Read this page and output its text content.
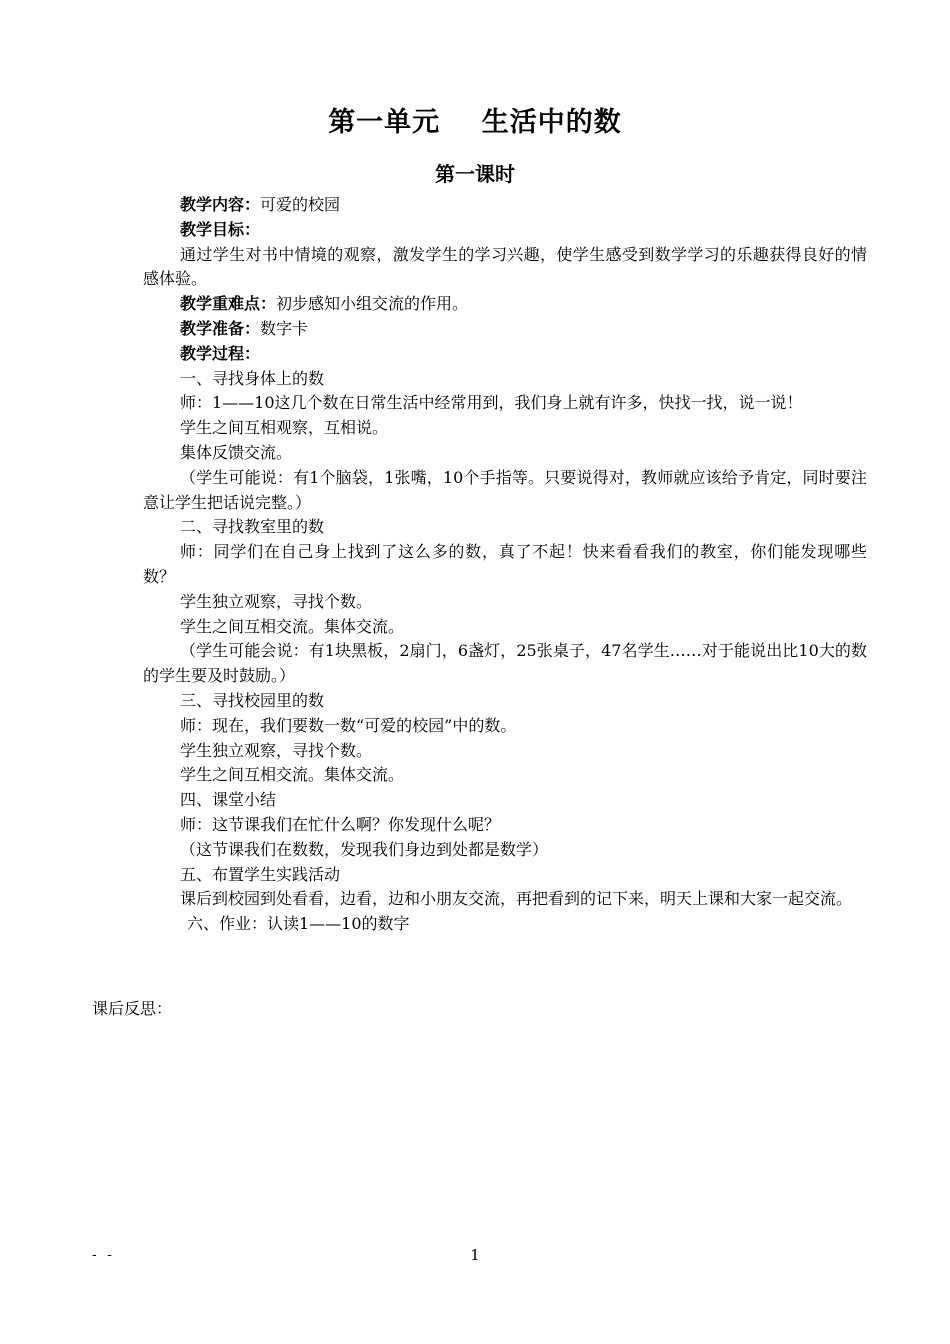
第一单元    生活中的数
第一课时

教学内容：可爱的校园

教学目标：

通过学生对书中情境的观察，激发学生的学习兴趣，使学生感受到数学学习的乐趣获得良好的情感体验。

教学重难点：初步感知小组交流的作用。

教学准备：数字卡

教学过程：

一、寻找身体上的数

师：1——10这几个数在日常生活中经常用到，我们身上就有许多，快找一找，说一说！

学生之间互相观察，互相说。

集体反馈交流。

（学生可能说：有1个脑袋，1张嘴，10个手指等。只要说得对，教师就应该给予肯定，同时要注意让学生把话说完整。）

二、寻找教室里的数

师：同学们在自己身上找到了这么多的数，真了不起！快来看看我们的教室，你们能发现哪些数？

学生独立观察，寻找个数。

学生之间互相交流。集体交流。

（学生可能会说：有1块黑板，2扇门，6盏灯，25张桌子，47名学生……对于能说出比10大的数的学生要及时鼓励。）

三、寻找校园里的数

师：现在，我们要数一数“可爱的校园”中的数。

学生独立观察，寻找个数。

学生之间互相交流。集体交流。

四、课堂小结

师：这节课我们在忙什么啊？你发现什么呢？

（这节课我们在数数，发现我们身边到处都是数学）

五、布置学生实践活动

课后到校园到处看看，边看，边和小朋友交流，再把看到的记下来，明天上课和大家一起交流。

六、作业：认读1——10的数字

课后反思：
- -	1
